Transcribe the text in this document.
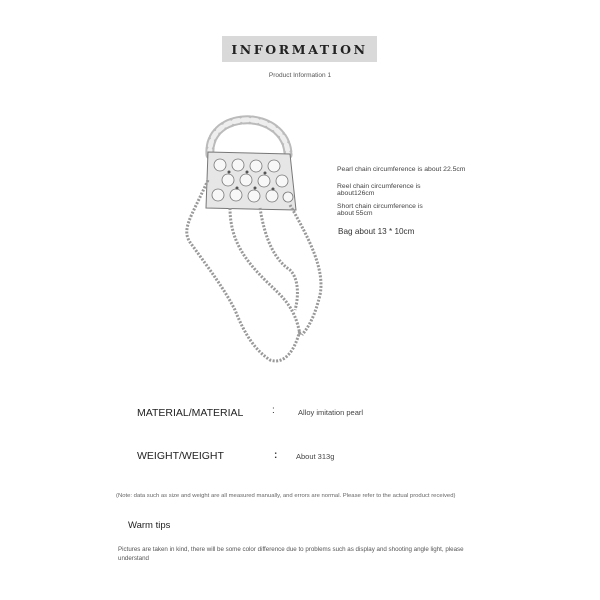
INFORMATION
Product Information 1
Pearl chain circumference is about 22.5cm
Reel chain circumference is
about126cm
Short chain circumference is
about 55cm
Bag about 13 * 10cm
MATERIAL/MATERIAL	:	Alloy imitation pearl
WEIGHT/WEIGHT	: About 313g
(Note: data such as size and weight are all measured manually, and errors are normal. Please refer to the actual product received)
Warm tips
Pictures are taken in kind, there will be some color difference due to problems such as display and shooting angle light, please understand
